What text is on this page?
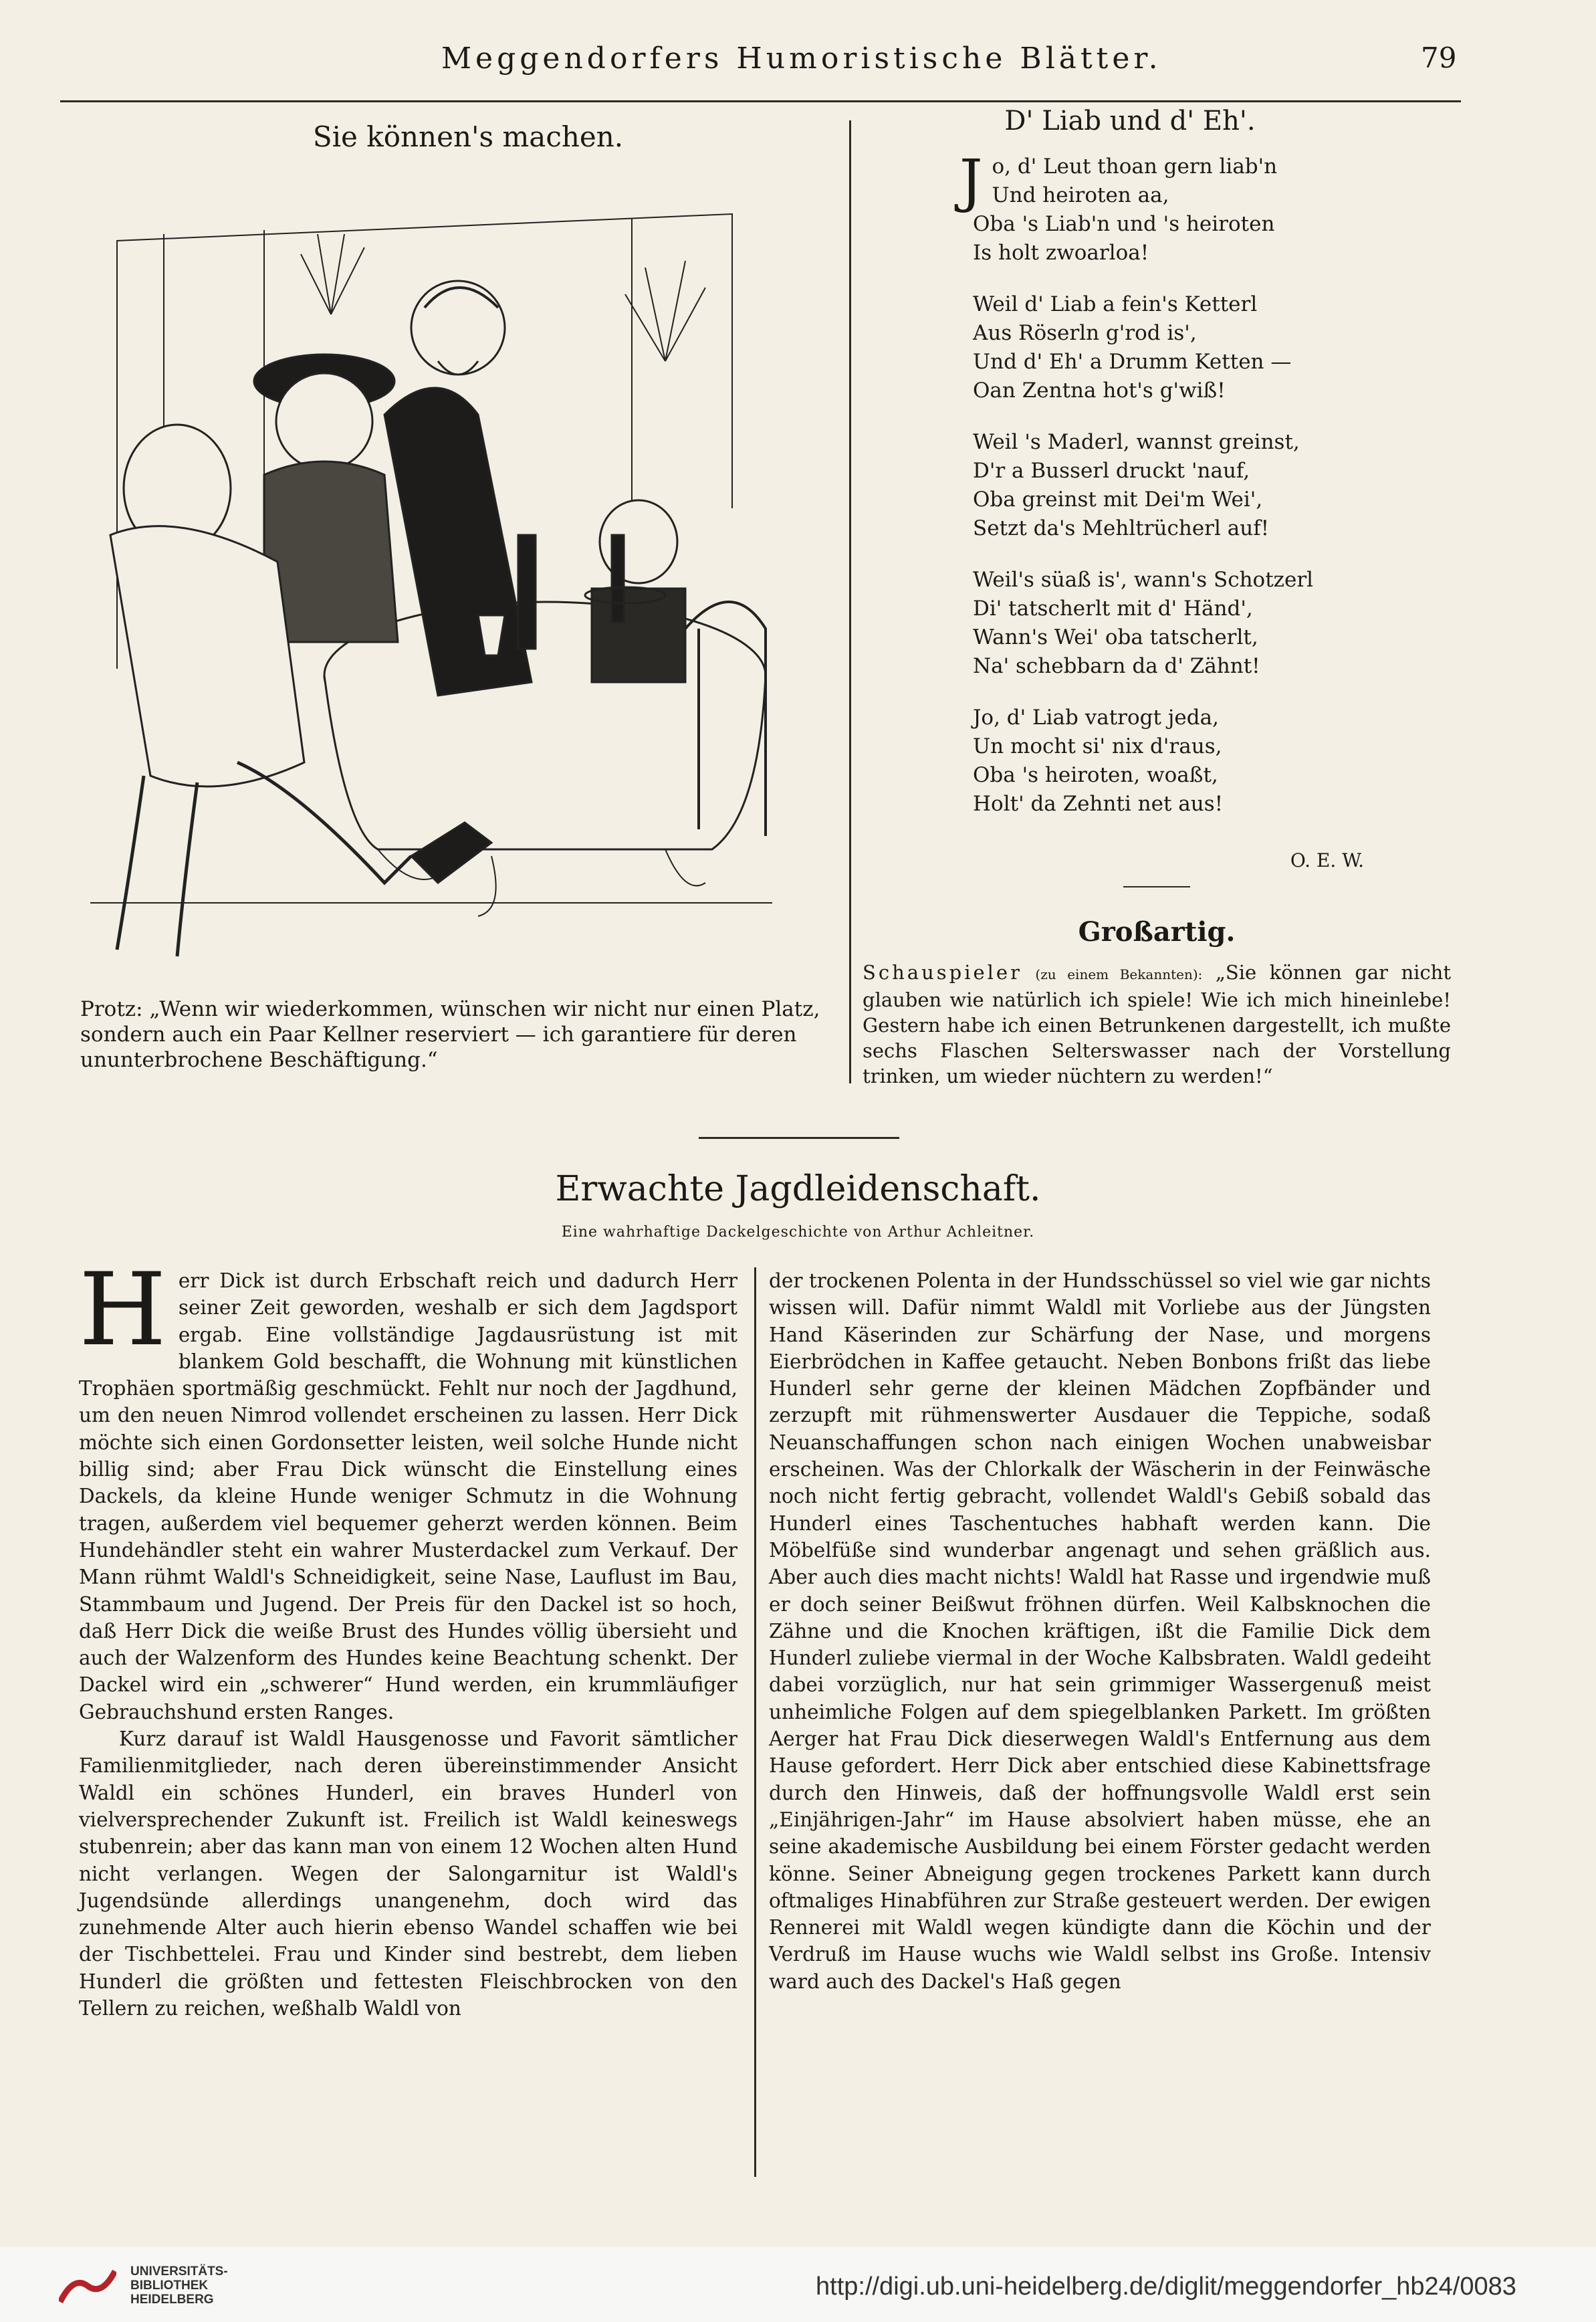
Meggendorfers Humoristische Blätter.	79
Sie können's machen.
Protz: „Wenn wir wiederkommen, wünschen wir nicht nur einen Platz, sondern auch ein Paar Kellner reserviert — ich garantiere für deren ununterbrochene Beschäftigung.“
D' Liab und d' Eh'.
J o, d' Leut thoan gern liab'n
Und heiroten aa,
Oba 's Liab'n und 's heiroten
Is holt zwoarloa!
Weil d' Liab a fein's Ketterl
Aus Röserln g'rod is',
Und d' Eh' a Drumm Ketten —
Oan Zentna hot's g'wiß!
Weil 's Maderl, wannst greinst,
D'r a Busserl druckt 'nauf,
Oba greinst mit Dei'm Wei',
Setzt da's Mehltrücherl auf!
Weil's süaß is', wann's Schotzerl
Di' tatscherlt mit d' Händ',
Wann's Wei' oba tatscherlt,
Na' schebbarn da d' Zähnt!
Jo, d' Liab vatrogt jeda,
Un mocht si' nix d'raus,
Oba 's heiroten, woaßt,
Holt' da Zehnti net aus!
O. E. W.
Großartig.
Schauspieler (zu einem Bekannten): „Sie können gar nicht glauben wie natürlich ich spiele! Wie ich mich hineinlebe! Gestern habe ich einen Betrunkenen dargestellt, ich mußte sechs Flaschen Selterswasser nach der Vorstellung trinken, um wieder nüchtern zu werden!“
Erwachte Jagdleidenschaft.
Eine wahrhaftige Dackelgeschichte von Arthur Achleitner.

Herr Dick ist durch Erbschaft reich und dadurch Herr seiner Zeit geworden, weshalb er sich dem Jagdsport ergab. Eine vollständige Jagdausrüstung ist mit blankem Gold beschafft, die Wohnung mit künstlichen Trophäen sportmäßig geschmückt. Fehlt nur noch der Jagdhund, um den neuen Nimrod vollendet erscheinen zu lassen. Herr Dick möchte sich einen Gordonsetter leisten, weil solche Hunde nicht billig sind; aber Frau Dick wünscht die Einstellung eines Dackels, da kleine Hunde weniger Schmutz in die Wohnung tragen, außerdem viel bequemer geherzt werden können. Beim Hundehändler steht ein wahrer Musterdackel zum Verkauf. Der Mann rühmt Waldl's Schneidigkeit, seine Nase, Lauflust im Bau, Stammbaum und Jugend. Der Preis für den Dackel ist so hoch, daß Herr Dick die weiße Brust des Hundes völlig übersieht und auch der Walzenform des Hundes keine Beachtung schenkt. Der Dackel wird ein „schwerer“ Hund werden, ein krummläufiger Gebrauchshund ersten Ranges.

Kurz darauf ist Waldl Hausgenosse und Favorit sämtlicher Familienmitglieder, nach deren übereinstimmender Ansicht Waldl ein schönes Hunderl, ein braves Hunderl von vielversprechender Zukunft ist. Freilich ist Waldl keineswegs stubenrein; aber das kann man von einem 12 Wochen alten Hund nicht verlangen. Wegen der Salongarnitur ist Waldl's Jugendsünde allerdings unangenehm, doch wird das zunehmende Alter auch hierin ebenso Wandel schaffen wie bei der Tischbettelei. Frau und Kinder sind bestrebt, dem lieben Hunderl die größten und fettesten Fleischbrocken von den Tellern zu reichen, weßhalb Waldl von

der trockenen Polenta in der Hundsschüssel so viel wie gar nichts wissen will. Dafür nimmt Waldl mit Vorliebe aus der Jüngsten Hand Käserinden zur Schärfung der Nase, und morgens Eierbrödchen in Kaffee getaucht. Neben Bonbons frißt das liebe Hunderl sehr gerne der kleinen Mädchen Zopfbänder und zerzupft mit rühmenswerter Ausdauer die Teppiche, sodaß Neuanschaffungen schon nach einigen Wochen unabweisbar erscheinen. Was der Chlorkalk der Wäscherin in der Feinwäsche noch nicht fertig gebracht, vollendet Waldl's Gebiß sobald das Hunderl eines Taschentuches habhaft werden kann. Die Möbelfüße sind wunderbar angenagt und sehen gräßlich aus. Aber auch dies macht nichts! Waldl hat Rasse und irgendwie muß er doch seiner Beißwut fröhnen dürfen. Weil Kalbsknochen die Zähne und die Knochen kräftigen, ißt die Familie Dick dem Hunderl zuliebe viermal in der Woche Kalbsbraten. Waldl gedeiht dabei vorzüglich, nur hat sein grimmiger Wassergenuß meist unheimliche Folgen auf dem spiegelblanken Parkett. Im größten Aerger hat Frau Dick dieserwegen Waldl's Entfernung aus dem Hause gefordert. Herr Dick aber entschied diese Kabinettsfrage durch den Hinweis, daß der hoffnungsvolle Waldl erst sein „Einjährigen-Jahr“ im Hause absolviert haben müsse, ehe an seine akademische Ausbildung bei einem Förster gedacht werden könne. Seiner Abneigung gegen trockenes Parkett kann durch oftmaliges Hinabführen zur Straße gesteuert werden. Der ewigen Rennerei mit Waldl wegen kündigte dann die Köchin und der Verdruß im Hause wuchs wie Waldl selbst ins Große. Intensiv ward auch des Dackel's Haß gegen

UNIVERSITÄTS-
BIBLIOTHEK
HEIDELBERG	http://digi.ub.uni-heidelberg.de/diglit/meggendorfer_hb24/0083
